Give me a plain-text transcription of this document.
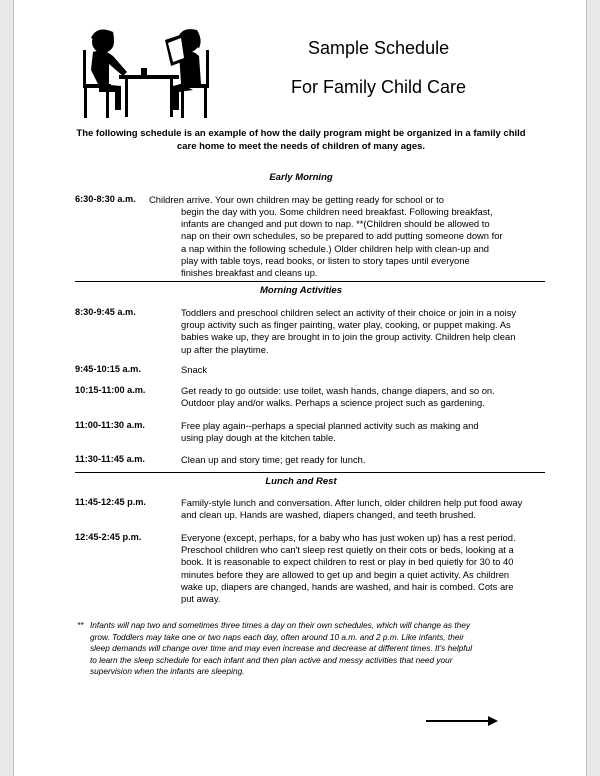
Sample Schedule
For Family Child Care
The following schedule is an example of how the daily program might be organized in a family child
care home to meet the needs of children of many ages.
Early Morning
6:30-8:30 a.m. Children arrive. Your own children may be getting ready for school or to

begin the day with you. Some children need breakfast. Following breakfast,

infants are changed and put down to nap. **(Children should be allowed to

nap on their own schedules, so be prepared to add putting someone down for

a nap within the following schedule.) Older children help with clean-up and

play with table toys, read books, or listen to story tapes until everyone

finishes breakfast and cleans up.

Morning Activities
8:30-9:45 a.m.	Toddlers and preschool children select an activity of their choice or join in a noisy

group activity such as finger painting, water play, cooking, or puppet making. As

babies wake up, they are brought in to join the group activity. Children help clean

up after the playtime.

9:45-10:15 a.m.	Snack

10:15-11:00 a.m.	Get ready to go outside: use toilet, wash hands, change diapers, and so on.

Outdoor play and/or walks. Perhaps a science project such as gardening.

11:00-11:30 a.m.	Free play again--perhaps a special planned activity such as making and

using play dough at the kitchen table.

11:30-11:45 a.m.	Clean up and story time; get ready for lunch.

Lunch and Rest
11:45-12:45 p.m.	Family-style lunch and conversation. After lunch, older children help put food away

and clean up. Hands are washed, diapers changed, and teeth brushed.

12:45-2:45 p.m.	Everyone (except, perhaps, for a baby who has just woken up) has a rest period.

Preschool children who can't sleep rest quietly on their cots or beds, looking at a

book. It is reasonable to expect children to rest or play in bed quietly for 30 to 40

minutes before they are allowed to get up and begin a quiet activity. As children

wake up, diapers are changed, hands are washed, and hair is combed. Cots are

put away.

** Infants will nap two and sometimes three times a day on their own schedules, which will change as they
grow. Toddlers may take one or two naps each day, often around 10 a.m. and 2 p.m. Like infants, their
sleep demands will change over time and may even increase and decrease at different times. It's helpful
to learn the sleep schedule for each infant and then plan active and messy activities that need your
supervision when the infants are sleeping.
